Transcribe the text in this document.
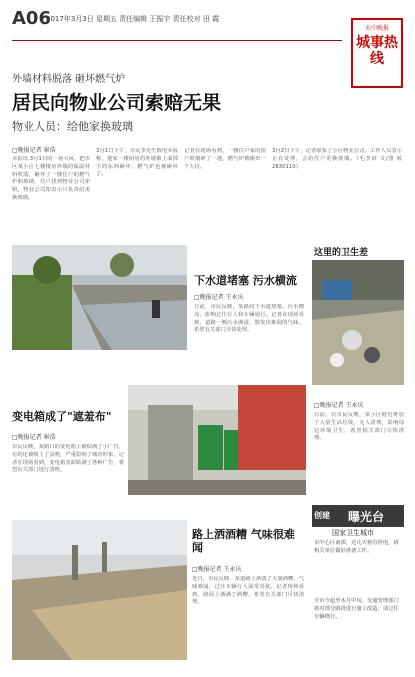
A06
2017年3月3日 星期五 责任编辑 王振宇 责任校对 田 霞
天中晚报
城事热线
外墙材料脱落 砸坏燃气炉
居民向物业公司索赔无果
物业人员：给他家换玻璃
□晚报记者 崔浩
本报讯 3月1日的一场大风，把市区某小区七楼楼房外墙的保温材料吹落，砸坏了一楼住户的燃气炉和玻璃，住户找到物业公司索赔，物业公司却表示只负责给更换玻璃。
3月1日下午，市民李先生致电本报称，他家一楼厨房的外墙被上面掉下的东西砸坏，燃气炉也被砸坏了。
记者在现场看到，一楼住户家的窗户玻璃碎了一地，燃气炉被砸出一个大坑。
3月2日下午，记者联系了小区物业公司，工作人员表示正在处理，会给住户更换玻璃。（毛李谚 文/图 转2830110）
下水道堵塞 污水横流
□晚报记者 王永庆
日前，市民反映，某路段下水道堵塞，污水横流，影响过往行人和车辆通行。记者在现场看到，道路一侧污水漫溢，散发出难闻的气味，希望有关部门尽快处理。
这里的卫生差
□晚报记者 王永庆
日前，有市民反映，某小区附近堆放了大量生活垃圾，无人清理，影响周边环境卫生，希望相关部门尽快清理。
变电箱成了"遮羞布"
□晚报记者 崔浩
市民反映，某路口的变电箱上被贴满了小广告，有的还被喷上了涂鸦，严重影响了城市形象。记者在现场看到，变电箱表面贴满了各种广告，希望有关部门进行清理。
创建 曝光台
国家卫生城市
路上洒酒糟 气味很难闻
□晚报记者 王永庆
近日，市民反映，某道路上洒落了大量酒糟，气味难闻，过往车辆行人深受其扰。记者现场看到，路面上洒满了酒糟，希望有关部门尽快清理。
市中心区南部，近几天将有停电，请相关单位做好准备工作。
全市今起至本月中旬，交通管理部门将对部分路段进行施工改造，请过往车辆绕行。
